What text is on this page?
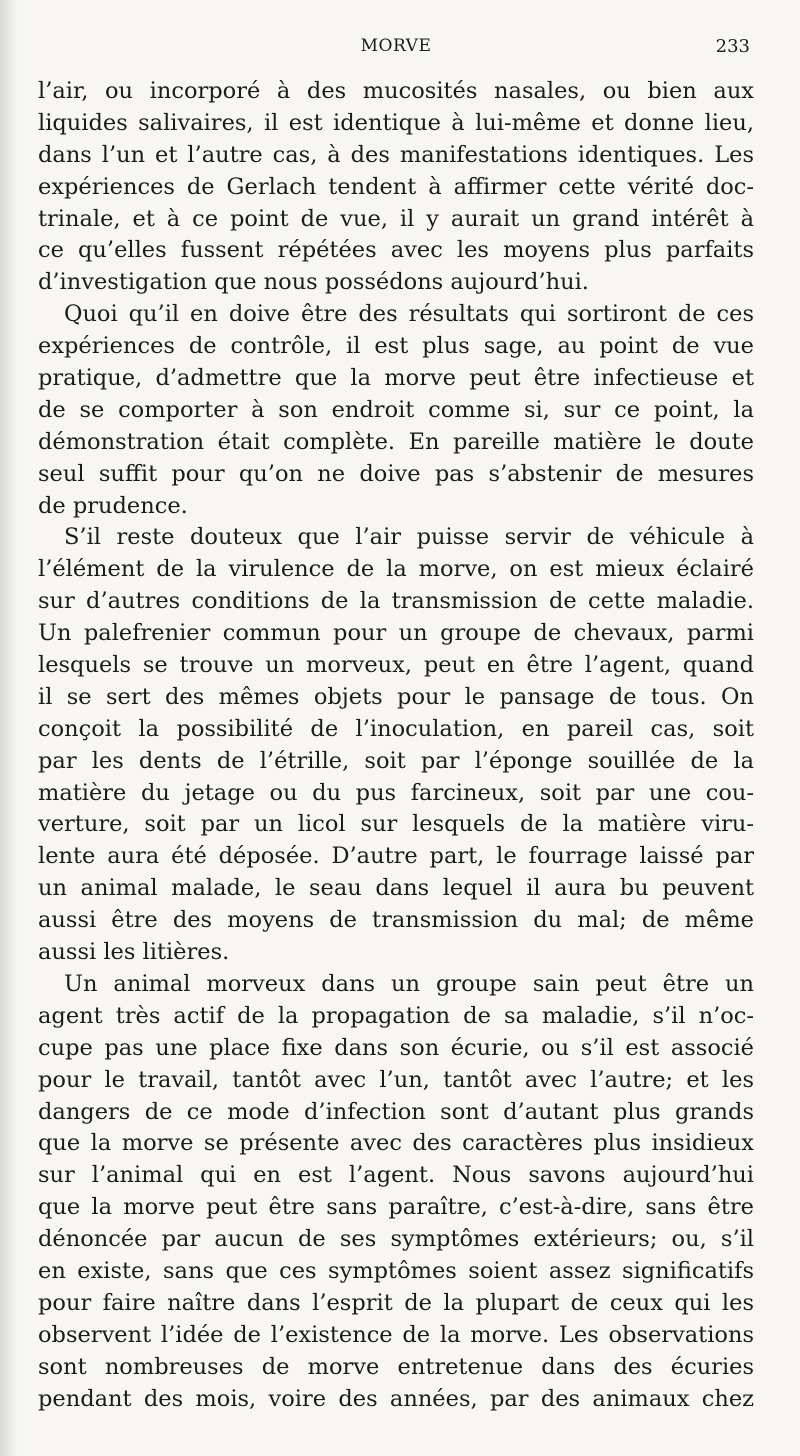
MORVE	233
l’air, ou incorporé à des mucosités nasales, ou bien aux
liquides salivaires, il est identique à lui-même et donne lieu,
dans l’un et l’autre cas, à des manifestations identiques. Les
expériences de Gerlach tendent à affirmer cette vérité doc-
trinale, et à ce point de vue, il y aurait un grand intérêt à
ce qu’elles fussent répétées avec les moyens plus parfaits
d’investigation que nous possédons aujourd’hui.
Quoi qu’il en doive être des résultats qui sortiront de ces
expériences de contrôle, il est plus sage, au point de vue
pratique, d’admettre que la morve peut être infectieuse et
de se comporter à son endroit comme si, sur ce point, la
démonstration était complète. En pareille matière le doute
seul suffit pour qu’on ne doive pas s’abstenir de mesures
de prudence.
S’il reste douteux que l’air puisse servir de véhicule à
l’élément de la virulence de la morve, on est mieux éclairé
sur d’autres conditions de la transmission de cette maladie.
Un palefrenier commun pour un groupe de chevaux, parmi
lesquels se trouve un morveux, peut en être l’agent, quand
il se sert des mêmes objets pour le pansage de tous. On
conçoit la possibilité de l’inoculation, en pareil cas, soit
par les dents de l’étrille, soit par l’éponge souillée de la
matière du jetage ou du pus farcineux, soit par une cou-
verture, soit par un licol sur lesquels de la matière viru-
lente aura été déposée. D’autre part, le fourrage laissé par
un animal malade, le seau dans lequel il aura bu peuvent
aussi être des moyens de transmission du mal; de même
aussi les litières.
Un animal morveux dans un groupe sain peut être un
agent très actif de la propagation de sa maladie, s’il n’oc-
cupe pas une place fixe dans son écurie, ou s’il est associé
pour le travail, tantôt avec l’un, tantôt avec l’autre; et les
dangers de ce mode d’infection sont d’autant plus grands
que la morve se présente avec des caractères plus insidieux
sur l’animal qui en est l’agent. Nous savons aujourd’hui
que la morve peut être sans paraître, c’est-à-dire, sans être
dénoncée par aucun de ses symptômes extérieurs; ou, s’il
en existe, sans que ces symptômes soient assez significatifs
pour faire naître dans l’esprit de la plupart de ceux qui les
observent l’idée de l’existence de la morve. Les observations
sont nombreuses de morve entretenue dans des écuries
pendant des mois, voire des années, par des animaux chez
